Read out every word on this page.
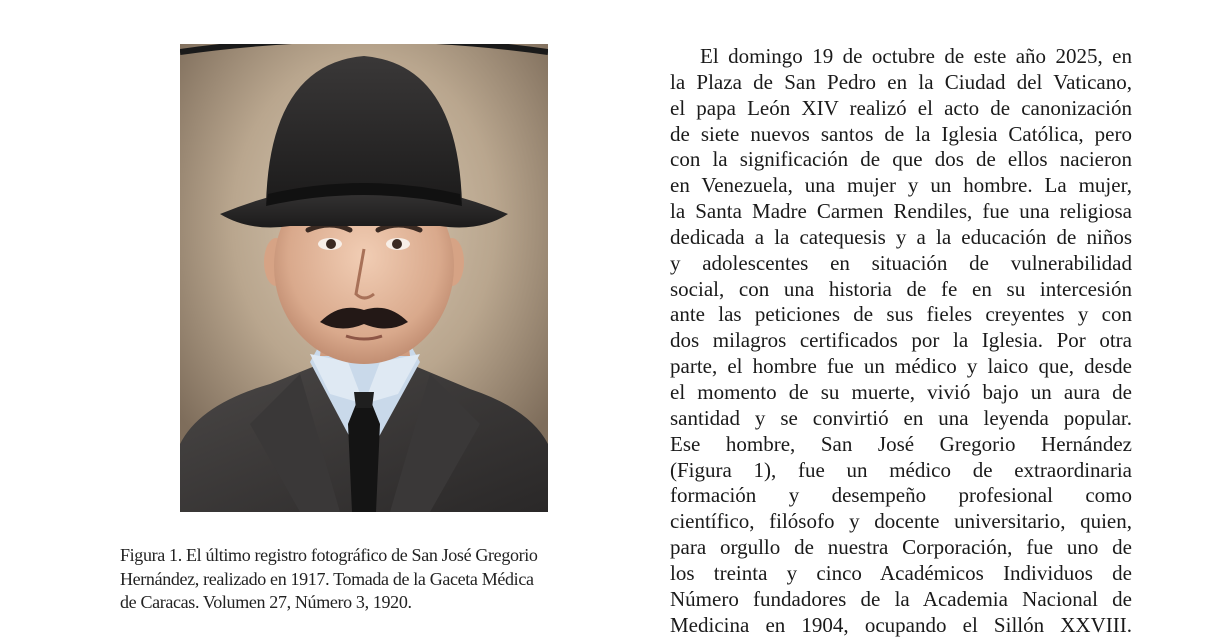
Figura 1. El último registro fotográfico de San José Gregorio
Hernández, realizado en 1917. Tomada de la Gaceta Médica
de Caracas. Volumen 27, Número 3, 1920.
El domingo 19 de octubre de este año 2025, en
la Plaza de San Pedro en la Ciudad del Vaticano,
el papa León XIV realizó el acto de canonización
de siete nuevos santos de la Iglesia Católica, pero
con la significación de que dos de ellos nacieron
en Venezuela, una mujer y un hombre. La mujer,
la Santa Madre Carmen Rendiles, fue una religiosa
dedicada a la catequesis y a la educación de niños
y adolescentes en situación de vulnerabilidad
social, con una historia de fe en su intercesión
ante las peticiones de sus fieles creyentes y con
dos milagros certificados por la Iglesia. Por otra
parte, el hombre fue un médico y laico que, desde
el momento de su muerte, vivió bajo un aura de
santidad y se convirtió en una leyenda popular.
Ese hombre, San José Gregorio Hernández
(Figura 1), fue un médico de extraordinaria
formación y desempeño profesional como
científico, filósofo y docente universitario, quien,
para orgullo de nuestra Corporación, fue uno de
los treinta y cinco Académicos Individuos de
Número fundadores de la Academia Nacional de
Medicina en 1904, ocupando el Sillón XXVIII.
